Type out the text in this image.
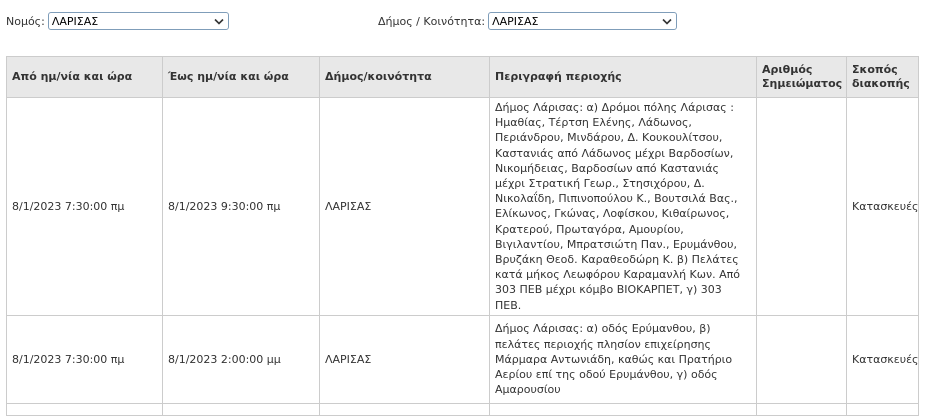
Νομός: ΛΑΡΙΣΑΣ	Δήμος / Κοινότητα: ΛΑΡΙΣΑΣ
Από ημ/νία και ώρα	Έως ημ/νία και ώρα	Δήμος/κοινότητα	Περιγραφή περιοχής	Αριθμός Σημειώματος	Σκοπός διακοπής
8/1/2023 7:30:00 πμ	8/1/2023 9:30:00 πμ	ΛΑΡΙΣΑΣ	Δήμος Λάρισας: α) Δρόμοι πόλης Λάρισας : Ημαθίας, Τέρτση Ελένης, Λάδωνος, Περιάνδρου, Μινδάρου, Δ. Κουκουλίτσου, Καστανιάς από Λάδωνος μέχρι Βαρδοσίων, Νικομήδειας, Βαρδοσίων από Καστανιάς μέχρι Στρατική Γεωρ., Στησιχόρου, Δ. Νικολαΐδη, Πιπινοπούλου Κ., Βουτσιλά Βας., Ελίκωνος, Γκώνας, Λοφίσκου, Κιθαίρωνος, Κρατερού, Πρωταγόρα, Αμουρίου, Βιγιλαντίου, Μπρατσιώτη Παν., Ερυμάνθου, Βρυζάκη Θεοδ. Καραθεοδώρη Κ. β) Πελάτες κατά μήκος Λεωφόρου Καραμανλή Κων. Από 303 ΠΕΒ μέχρι κόμβο ΒΙΟΚΑΡΠΕΤ, γ) 303 ΠΕΒ.		Κατασκευές
8/1/2023 7:30:00 πμ	8/1/2023 2:00:00 μμ	ΛΑΡΙΣΑΣ	Δήμος Λάρισας: α) οδός Ερύμανθου, β) πελάτες περιοχής πλησίον επιχείρησης Μάρμαρα Αντωνιάδη, καθώς και Πρατήριο Αερίου επί της οδού Ερυμάνθου, γ) οδός Αμαρουσίου		Κατασκευές
